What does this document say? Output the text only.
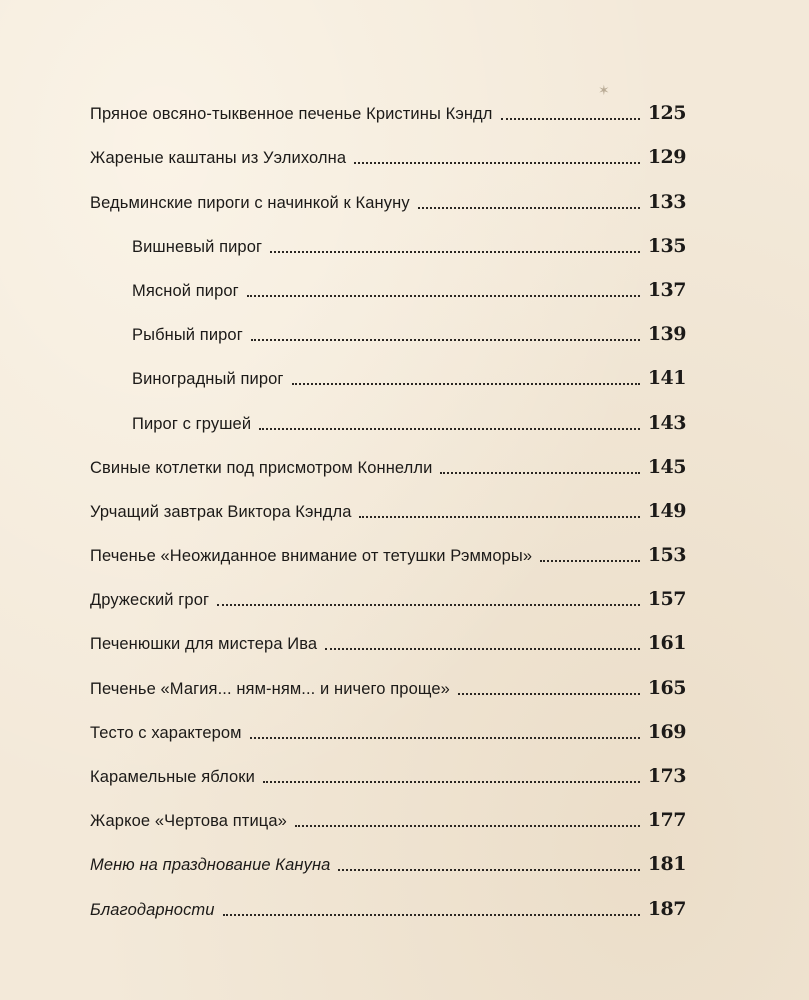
✶
Пряное овсяно-тыквенное печенье Кристины Кэндл	125
Жареные каштаны из Уэлихолна	129
Ведьминские пироги с начинкой к Кануну	133
Вишневый пирог	135
Мясной пирог	137
Рыбный пирог	139
Виноградный пирог	141
Пирог с грушей	143
Свиные котлетки под присмотром Коннелли	145
Урчащий завтрак Виктора Кэндла	149
Печенье «Неожиданное внимание от тетушки Рэмморы»	153
Дружеский грог	157
Печенюшки для мистера Ива	161
Печенье «Магия... ням-ням... и ничего проще»	165
Тесто с характером	169
Карамельные яблоки	173
Жаркое «Чертова птица»	177
Меню на празднование Кануна	181
Благодарности	187
